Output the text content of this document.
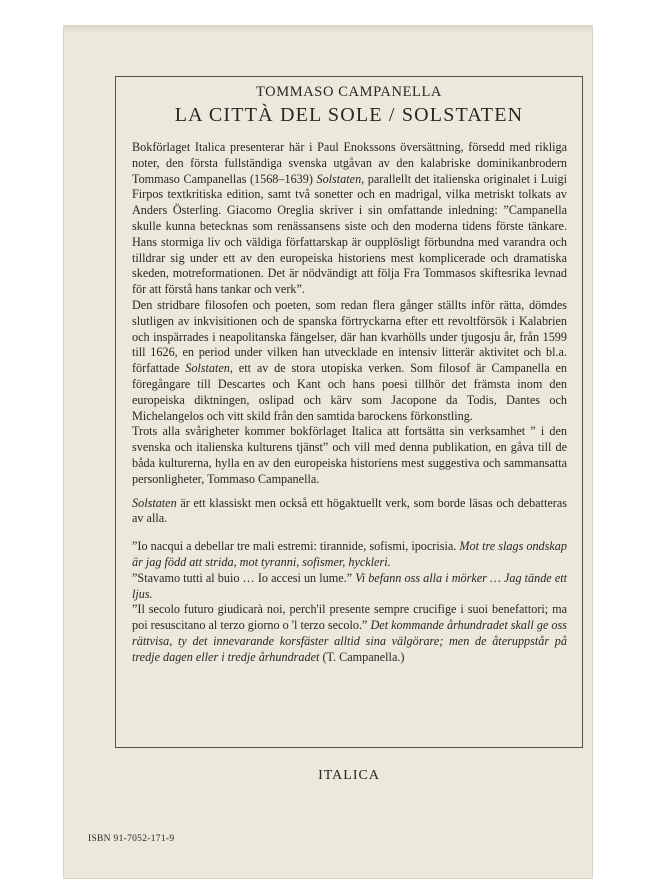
TOMMASO CAMPANELLA
LA CITTÀ DEL SOLE / SOLSTATEN

Bokförlaget Italica presenterar här i Paul Enokssons översättning, försedd med rikliga noter, den första fullständiga svenska utgåvan av den kalabriske dominikanbrodern Tommaso Campanellas (1568–1639) Solstaten, parallellt det italienska originalet i Luigi Firpos textkritiska edition, samt två sonetter och en madrigal, vilka metriskt tolkats av Anders Österling. Giacomo Oreglia skriver i sin omfattande inledning: ”Campanella skulle kunna betecknas som renässansens siste och den moderna tidens förste tänkare. Hans stormiga liv och väldiga författarskap är oupplösligt förbundna med varandra och tilldrar sig under ett av den europeiska historiens mest komplicerade och dramatiska skeden, motreformationen. Det är nödvändigt att följa Fra Tommasos skiftesrika levnad för att förstå hans tankar och verk”.

Den stridbare filosofen och poeten, som redan flera gånger ställts inför rätta, dömdes slutligen av inkvisitionen och de spanska förtryckarna efter ett revoltförsök i Kalabrien och inspärrades i neapolitanska fängelser, där han kvarhölls under tjugosju år, från 1599 till 1626, en period under vilken han utvecklade en intensiv litterär aktivitet och bl.a. författade Solstaten, ett av de stora utopiska verken. Som filosof är Campanella en föregångare till Descartes och Kant och hans poesi tillhör det främsta inom den europeiska diktningen, oslipad och kärv som Jacopone da Todis, Dantes och Michelangelos och vitt skild från den samtida barockens förkonstling.

Trots alla svårigheter kommer bokförlaget Italica att fortsätta sin verksamhet ” i den svenska och italienska kulturens tjänst” och vill med denna publikation, en gåva till de båda kulturerna, hylla en av den europeiska historiens mest suggestiva och sammansatta personligheter, Tommaso Campanella.

Solstaten är ett klassiskt men också ett högaktuellt verk, som borde läsas och debatteras av alla.

”Io nacqui a debellar tre mali estremi: tirannide, sofismi, ipocrisia. Mot tre slags ondskap är jag född att strida, mot tyranni, sofismer, hyckleri.

”Stavamo tutti al buio … Io accesi un lume.” Vi befann oss alla i mörker … Jag tände ett ljus.

”Il secolo futuro giudicarà noi, perch'il presente sempre crucifige i suoi benefattori; ma poi resuscitano al terzo giorno o 'l terzo secolo.” Det kommande århundradet skall ge oss rättvisa, ty det innevarande korsfäster alltid sina välgörare; men de återuppstår på tredje dagen eller i tredje århundradet (T. Campanella.)

ITALICA
ISBN 91-7052-171-9
